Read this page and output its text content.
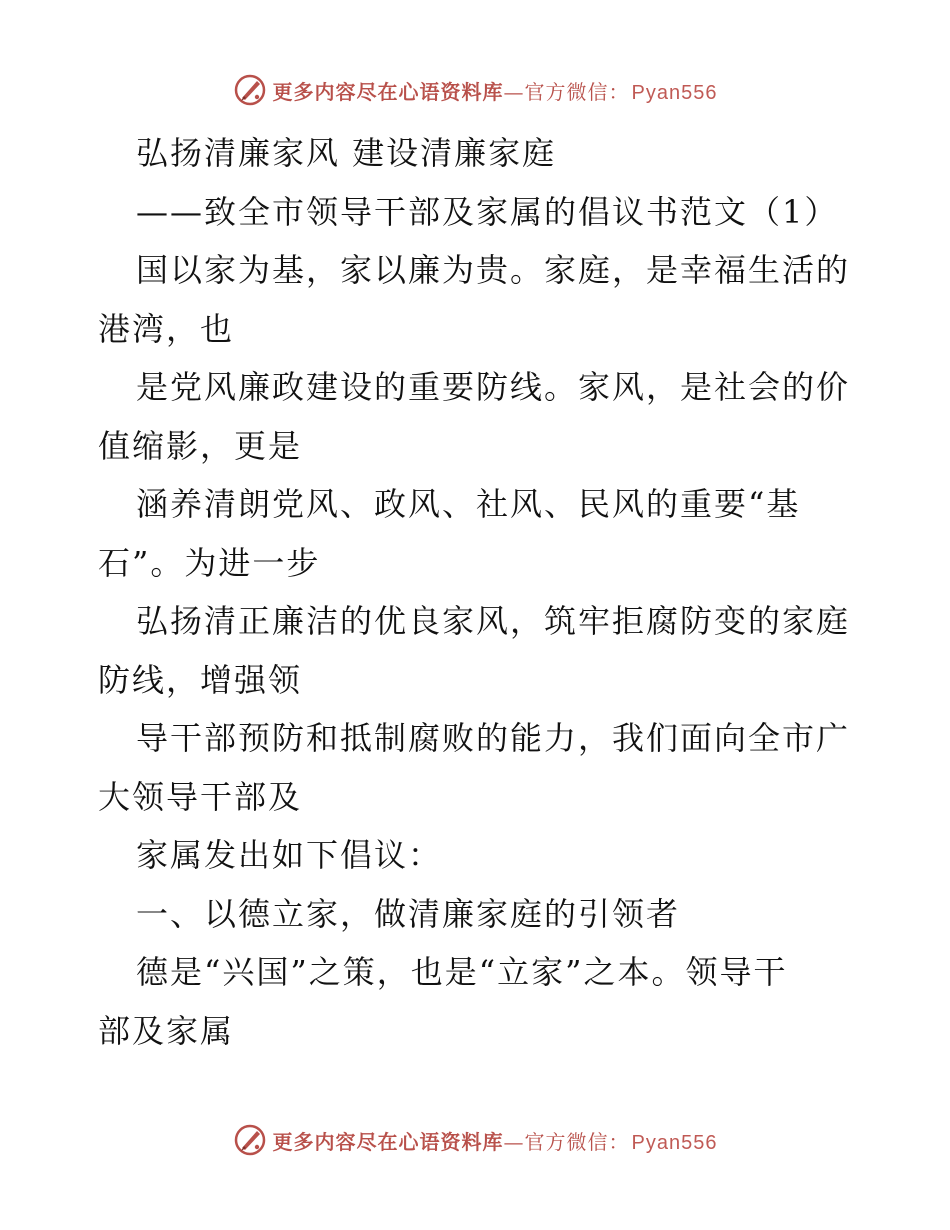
更多内容尽在心语资料库 — 官方微信： Pyan556
弘扬清廉家风 建设清廉家庭
——致全市领导干部及家属的倡议书范文（1）
国以家为基，家以廉为贵。家庭，是幸福生活的
港湾，也
是党风廉政建设的重要防线。家风，是社会的价
值缩影，更是
涵养清朗党风、政风、社风、民风的重要“基
石”。为进一步
弘扬清正廉洁的优良家风，筑牢拒腐防变的家庭
防线，增强领
导干部预防和抵制腐败的能力，我们面向全市广
大领导干部及
家属发出如下倡议：
一、以德立家，做清廉家庭的引领者
德是“兴国”之策，也是“立家”之本。领导干
部及家属
更多内容尽在心语资料库 — 官方微信： Pyan556
